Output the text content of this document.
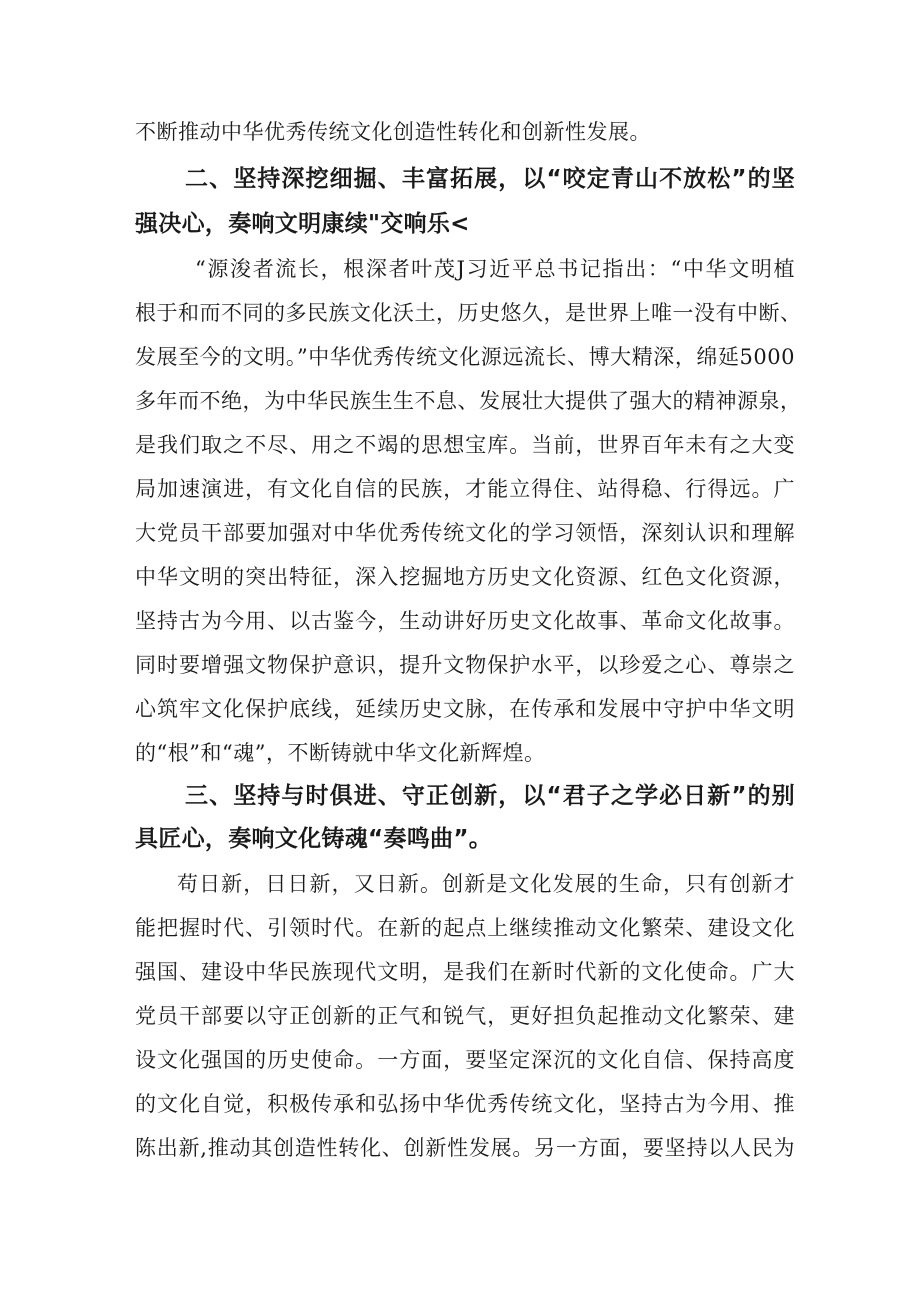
不断推动中华优秀传统文化创造性转化和创新性发展。
二、坚持深挖细掘、丰富拓展，以“咬定青山不放松”的坚
强决心，奏响文明康续"交响乐<
“源浚者流长，根深者叶茂J习近平总书记指出：“中华文明植
根于和而不同的多民族文化沃土，历史悠久，是世界上唯一没有中断、
发展至今的文明。”中华优秀传统文化源远流长、博大精深，绵延5000
多年而不绝，为中华民族生生不息、发展壮大提供了强大的精神源泉，
是我们取之不尽、用之不竭的思想宝库。当前，世界百年未有之大变
局加速演进，有文化自信的民族，才能立得住、站得稳、行得远。广
大党员干部要加强对中华优秀传统文化的学习领悟，深刻认识和理解
中华文明的突出特征，深入挖掘地方历史文化资源、红色文化资源，
坚持古为今用、以古鉴今，生动讲好历史文化故事、革命文化故事。
同时要增强文物保护意识，提升文物保护水平，以珍爱之心、尊崇之
心筑牢文化保护底线，延续历史文脉，在传承和发展中守护中华文明
的“根”和“魂”，不断铸就中华文化新辉煌。
三、坚持与时俱进、守正创新，以“君子之学必日新”的别
具匠心，奏响文化铸魂“奏鸣曲”。
苟日新，日日新，又日新。创新是文化发展的生命，只有创新才
能把握时代、引领时代。在新的起点上继续推动文化繁荣、建设文化
强国、建设中华民族现代文明，是我们在新时代新的文化使命。广大
党员干部要以守正创新的正气和锐气，更好担负起推动文化繁荣、建
设文化强国的历史使命。一方面，要坚定深沉的文化自信、保持高度
的文化自觉，积极传承和弘扬中华优秀传统文化，坚持古为今用、推
陈出新,推动其创造性转化、创新性发展。另一方面，要坚持以人民为
